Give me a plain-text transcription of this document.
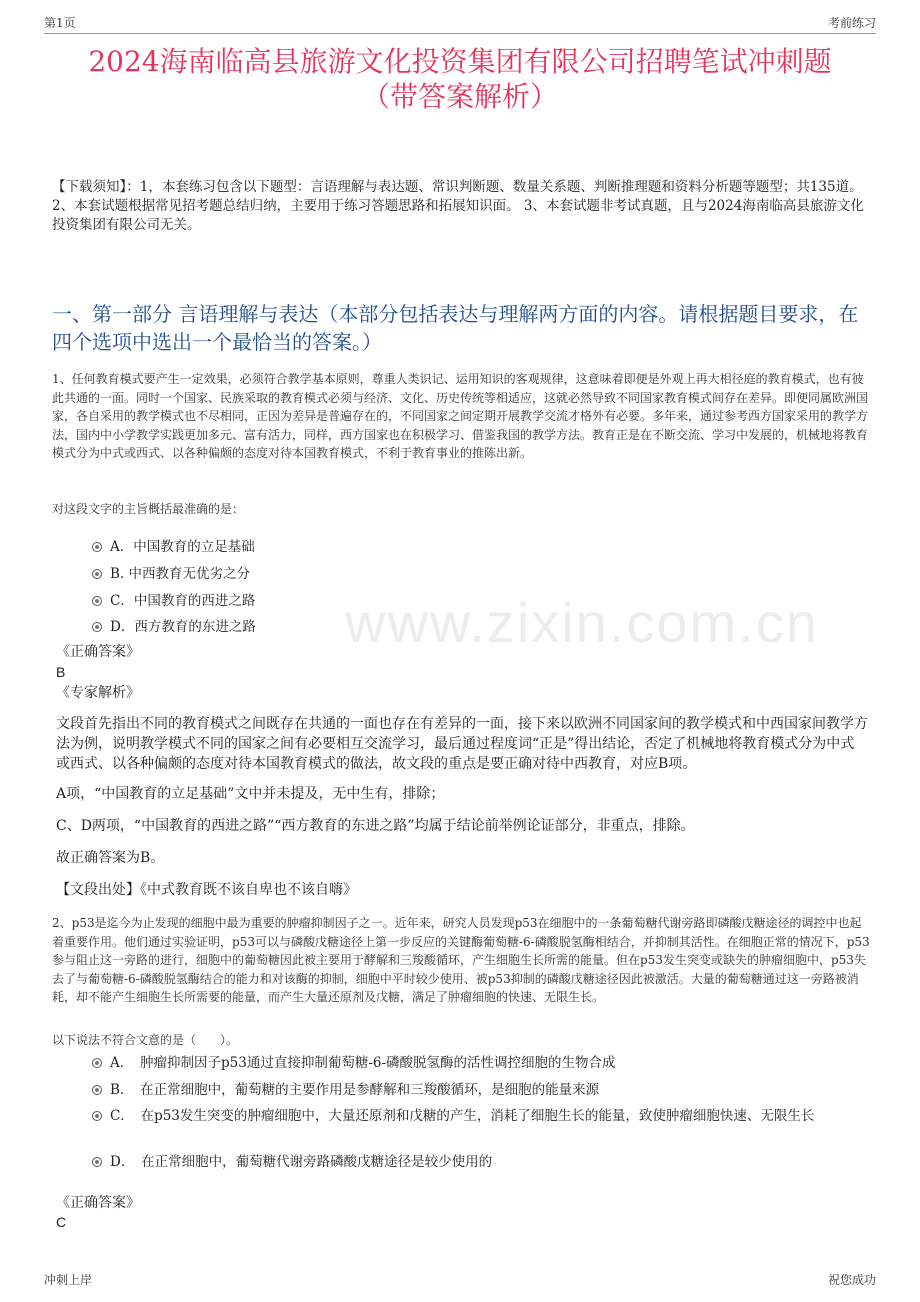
第1页	考前练习
2024海南临高县旅游文化投资集团有限公司招聘笔试冲刺题
（带答案解析）
【下载须知】：1，本套练习包含以下题型：言语理解与表达题、常识判断题、数量关系题、判断推理题和资料分析题等题型；共135道。 2、本套试题根据常见招考题总结归纳，主要用于练习答题思路和拓展知识面。 3、本套试题非考试真题，且与2024海南临高县旅游文化投资集团有限公司无关。
一、第一部分 言语理解与表达（本部分包括表达与理解两方面的内容。请根据题目要求，在四个选项中选出一个最恰当的答案。）
1、任何教育模式要产生一定效果，必须符合教学基本原则，尊重人类识记、运用知识的客观规律，这意味着即便是外观上再大相径庭的教育模式，也有彼此共通的一面。同时一个国家、民族采取的教育模式必须与经济、文化、历史传统等相适应，这就必然导致不同国家教育模式间存在差异。即便同属欧洲国家，各自采用的教学模式也不尽相同，正因为差异是普遍存在的，不同国家之间定期开展教学交流才格外有必要。多年来，通过参考西方国家采用的教学方法，国内中小学教学实践更加多元、富有活力，同样，西方国家也在积极学习、借鉴我国的教学方法。教育正是在不断交流、学习中发展的，机械地将教育模式分为中式或西式、以各种偏颇的态度对待本国教育模式，不利于教育事业的推陈出新。
对这段文字的主旨概括最准确的是：
A．中国教育的立足基础
B. 中西教育无优劣之分
C．中国教育的西进之路
D．西方教育的东进之路 www.zixin.com.cn
《正确答案》
B
《专家解析》
文段首先指出不同的教育模式之间既存在共通的一面也存在有差异的一面，接下来以欧洲不同国家间的教学模式和中西国家间教学方法为例，说明教学模式不同的国家之间有必要相互交流学习，最后通过程度词“正是”得出结论，否定了机械地将教育模式分为中式或西式、以各种偏颇的态度对待本国教育模式的做法，故文段的重点是要正确对待中西教育，对应B项。
A项，“中国教育的立足基础”文中并未提及，无中生有，排除；
C、D两项，“中国教育的西进之路”“西方教育的东进之路”均属于结论前举例论证部分，非重点，排除。
故正确答案为B。
【文段出处】《中式教育既不该自卑也不该自嗨》
2、p53是迄今为止发现的细胞中最为重要的肿瘤抑制因子之一。近年来，研究人员发现p53在细胞中的一条葡萄糖代谢旁路即磷酸戊糖途径的调控中也起着重要作用。他们通过实验证明，p53可以与磷酸戊糖途径上第一步反应的关键酶葡萄糖-6-磷酸脱氢酶相结合，并抑制其活性。在细胞正常的情况下，p53参与阻止这一旁路的进行，细胞中的葡萄糖因此被主要用于酵解和三羧酸循环，产生细胞生长所需的能量。但在p53发生突变或缺失的肿瘤细胞中，p53失去了与葡萄糖-6-磷酸脱氢酶结合的能力和对该酶的抑制，细胞中平时较少使用、被p53抑制的磷酸戊糖途径因此被激活。大量的葡萄糖通过这一旁路被消耗，却不能产生细胞生长所需要的能量，而产生大量还原剂及戊糖，满足了肿瘤细胞的快速、无限生长。
以下说法不符合文意的是（　　）。
A．　肿瘤抑制因子p53通过直接抑制葡萄糖-6-磷酸脱氢酶的活性调控细胞的生物合成
B．　在正常细胞中，葡萄糖的主要作用是参酵解和三羧酸循环，是细胞的能量来源
C．　在p53发生突变的肿瘤细胞中，大量还原剂和戊糖的产生，消耗了细胞生长的能量，致使肿瘤细胞快速、无限生长
D．　在正常细胞中，葡萄糖代谢旁路磷酸戊糖途径是较少使用的
《正确答案》
C
冲刺上岸	祝您成功
